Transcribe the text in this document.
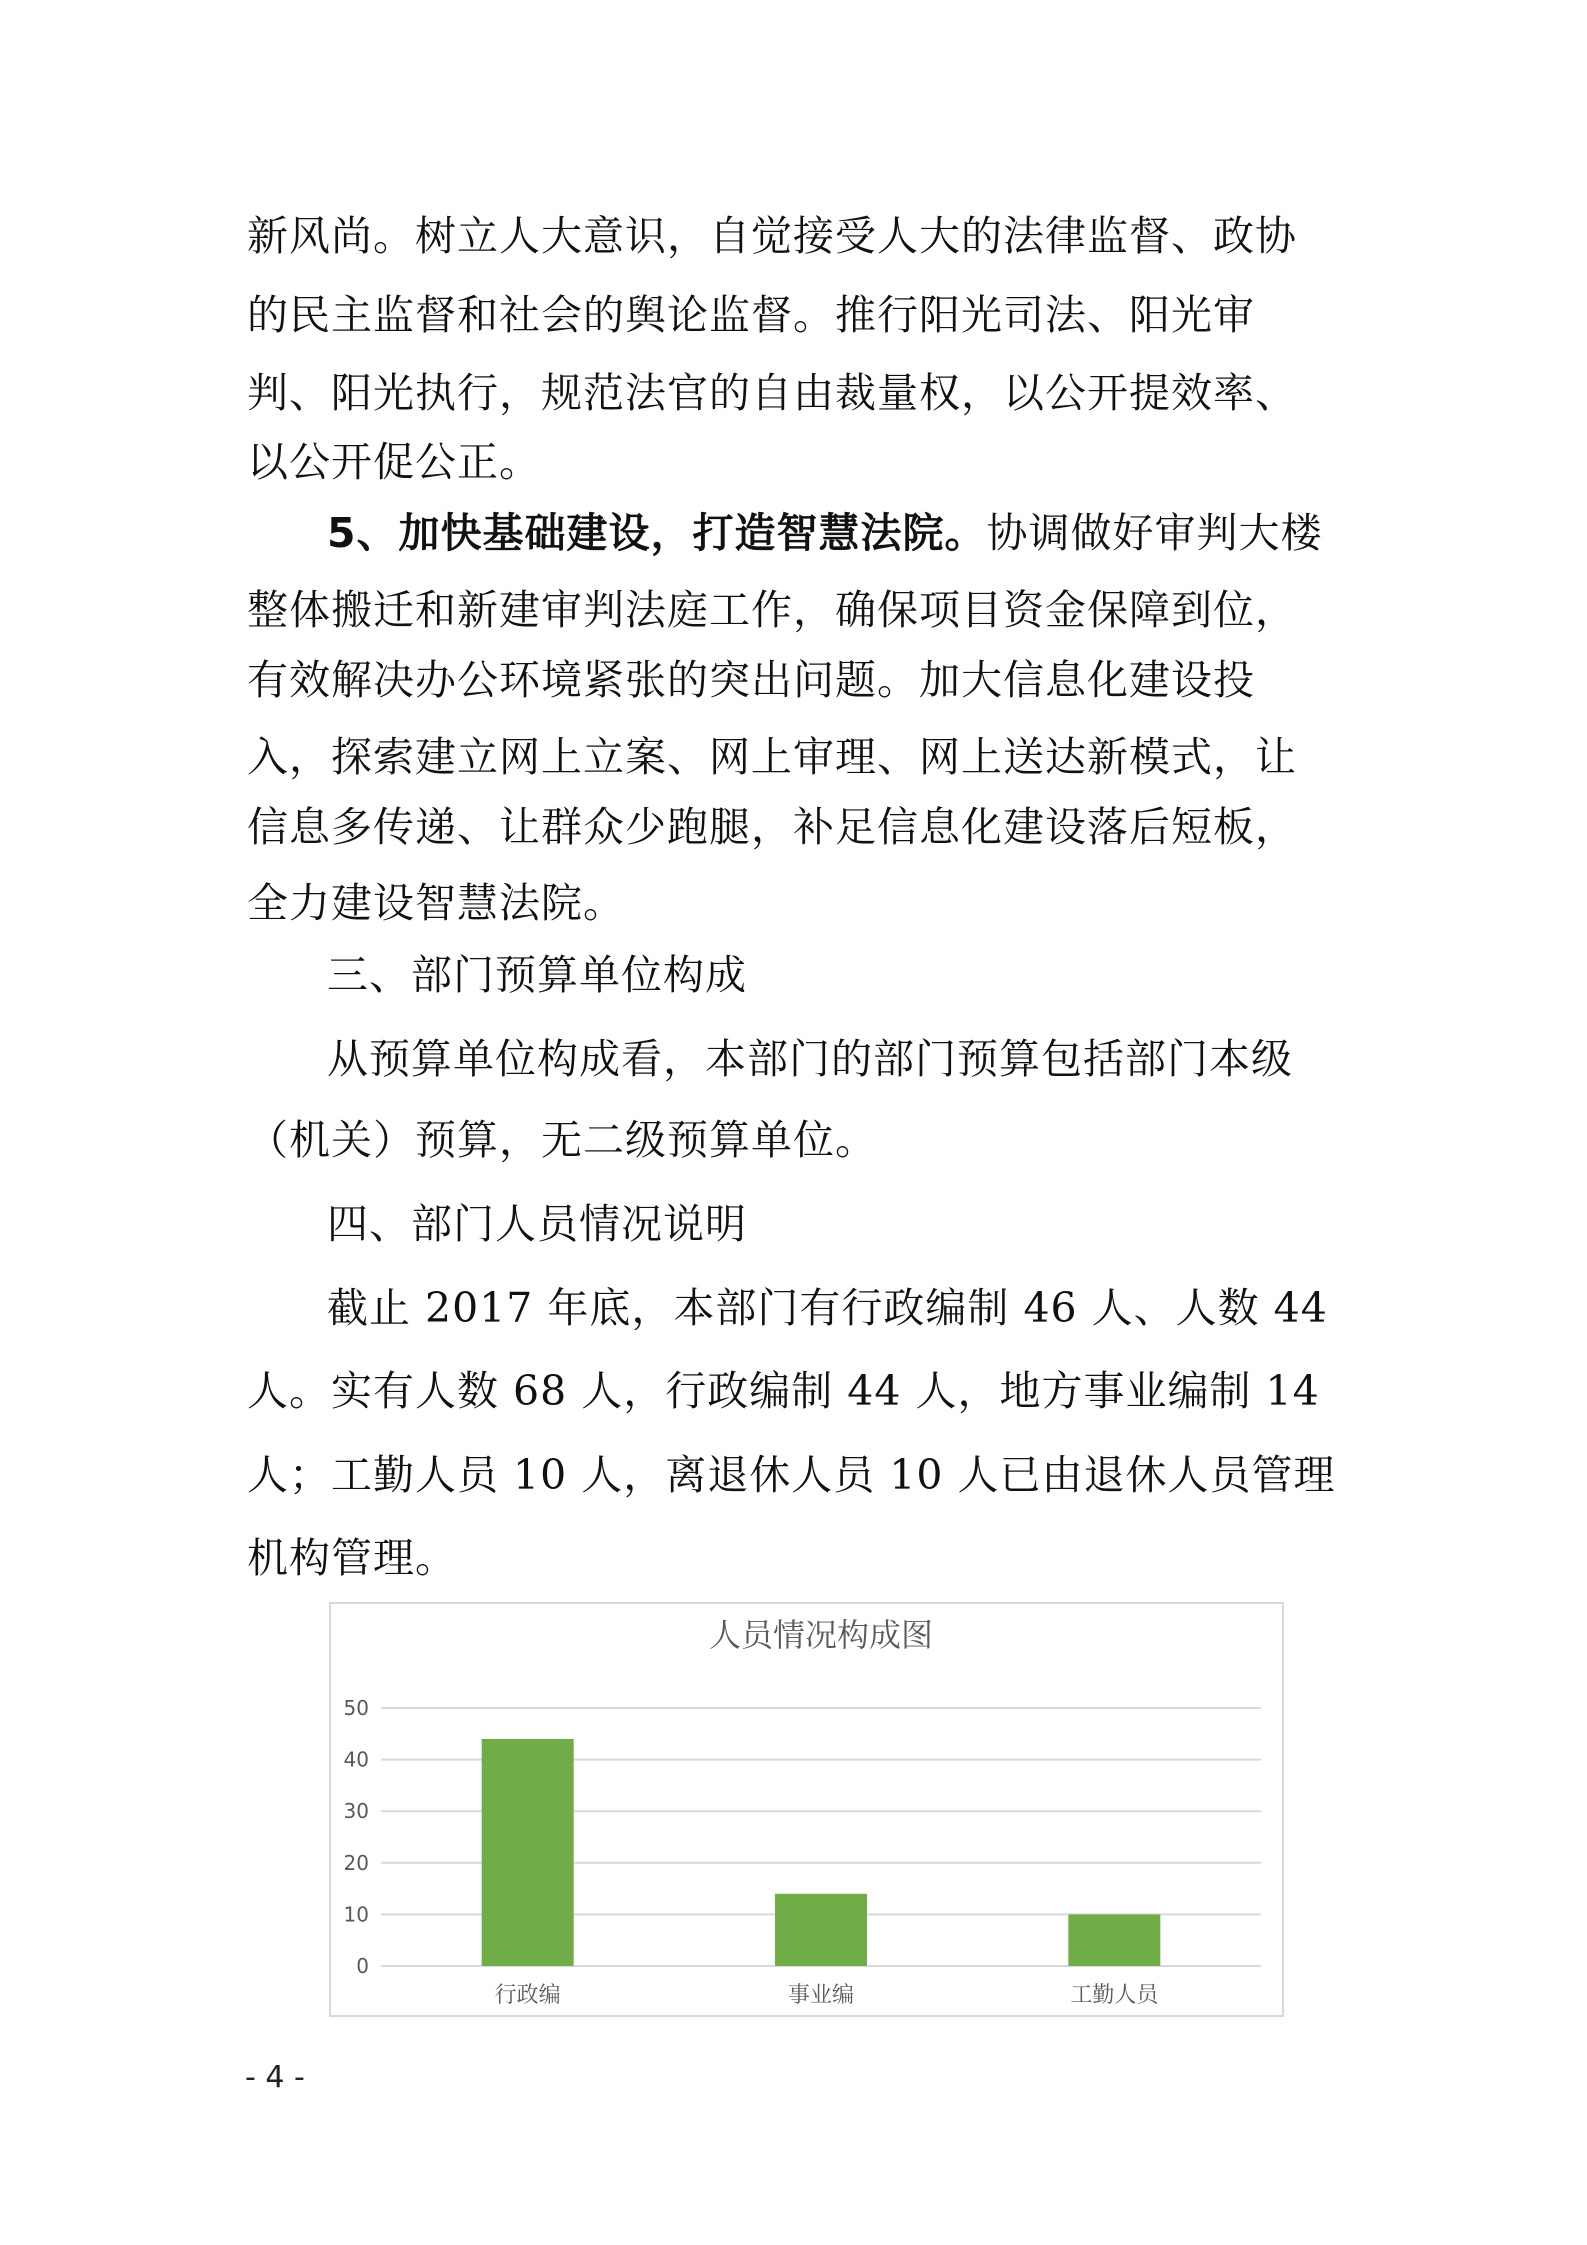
新风尚。树立人大意识，自觉接受人大的法律监督、政协

的民主监督和社会的舆论监督。推行阳光司法、阳光审

判、阳光执行，规范法官的自由裁量权，以公开提效率、

以公开促公正。

5、加快基础建设，打造智慧法院。协调做好审判大楼

整体搬迁和新建审判法庭工作，确保项目资金保障到位，

有效解决办公环境紧张的突出问题。加大信息化建设投

入，探索建立网上立案、网上审理、网上送达新模式，让

信息多传递、让群众少跑腿，补足信息化建设落后短板，

全力建设智慧法院。

三、部门预算单位构成

从预算单位构成看，本部门的部门预算包括部门本级

（机关）预算，无二级预算单位。

四、部门人员情况说明

截止 2017 年底，本部门有行政编制 46 人、人数 44

人。实有人数 68 人，行政编制 44 人，地方事业编制 14

人；工勤人员 10 人，离退休人员 10 人已由退休人员管理

机构管理。

人员情况构成图
0
10
20
30
40
50
行政编	事业编	工勤人员

- 4 -
